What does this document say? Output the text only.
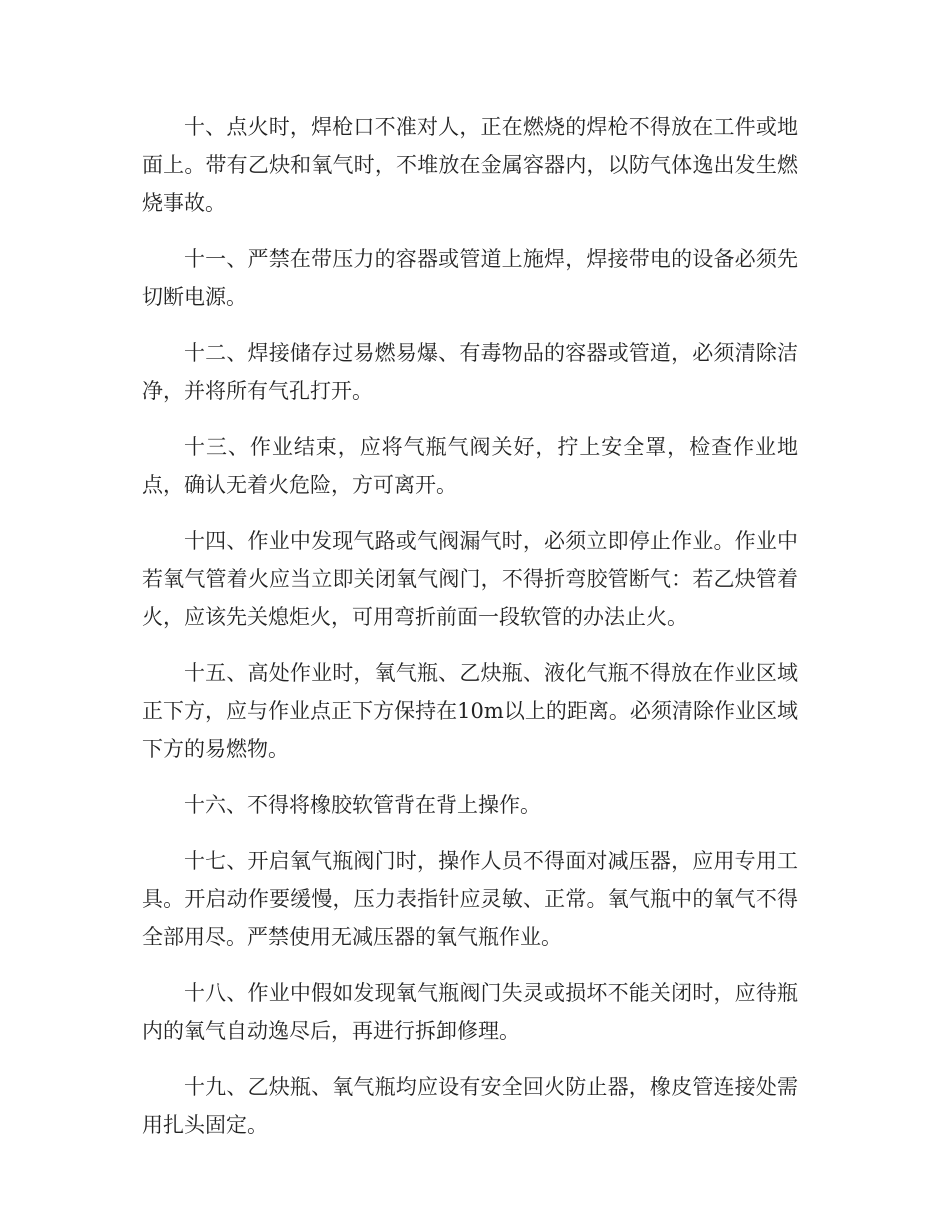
十、点火时，焊枪口不准对人，正在燃烧的焊枪不得放在工件或地面上。带有乙炔和氧气时，不堆放在金属容器内，以防气体逸出发生燃烧事故。

十一、严禁在带压力的容器或管道上施焊，焊接带电的设备必须先切断电源。

十二、焊接储存过易燃易爆、有毒物品的容器或管道，必须清除洁净，并将所有气孔打开。

十三、作业结束，应将气瓶气阀关好，拧上安全罩，检查作业地点，确认无着火危险，方可离开。

十四、作业中发现气路或气阀漏气时，必须立即停止作业。作业中若氧气管着火应当立即关闭氧气阀门，不得折弯胶管断气：若乙炔管着火，应该先关熄炬火，可用弯折前面一段软管的办法止火。

十五、高处作业时，氧气瓶、乙炔瓶、液化气瓶不得放在作业区域正下方，应与作业点正下方保持在10m以上的距离。必须清除作业区域下方的易燃物。

十六、不得将橡胶软管背在背上操作。

十七、开启氧气瓶阀门时，操作人员不得面对减压器，应用专用工具。开启动作要缓慢，压力表指针应灵敏、正常。氧气瓶中的氧气不得全部用尽。严禁使用无减压器的氧气瓶作业。

十八、作业中假如发现氧气瓶阀门失灵或损坏不能关闭时，应待瓶内的氧气自动逸尽后，再进行拆卸修理。

十九、乙炔瓶、氧气瓶均应设有安全回火防止器，橡皮管连接处需用扎头固定。
